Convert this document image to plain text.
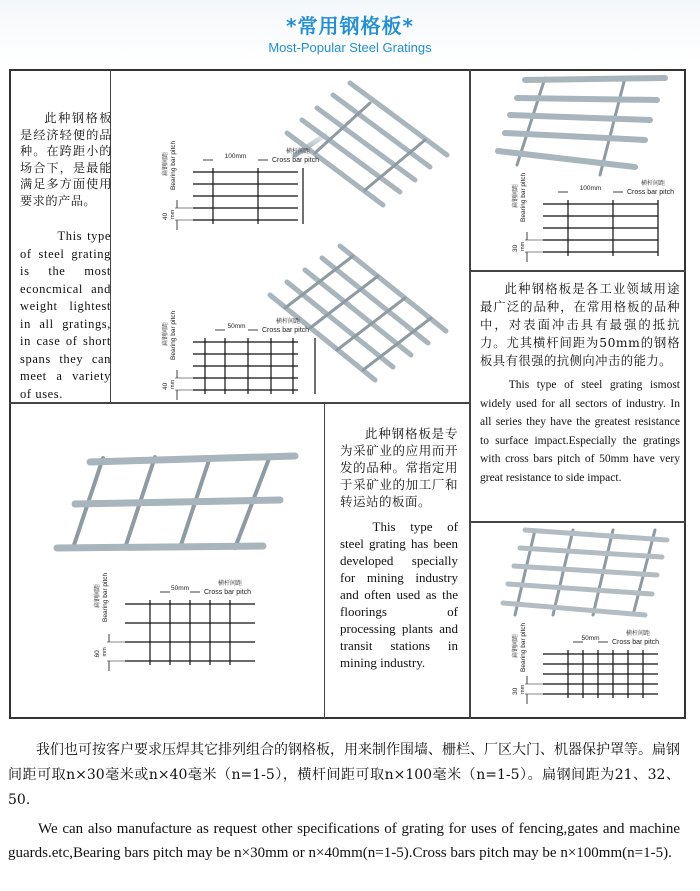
*常用钢格板*
Most-Popular Steel Gratings

此种钢格板是经济轻便的品种。在跨距小的场合下，是最能满足多方面使用要求的产品。

This type of steel grating is the most econcmical and weight lightest in all gratings, in case of short spans they can meet a variety of uses.

此种钢格板是各工业领域用途最广泛的品种，在常用格板的品种中，对表面冲击具有最强的抵抗力。尤其横杆间距为50mm的钢格板具有很强的抗侧向冲击的能力。

This type of steel grating ismost widely used for all sectors of industry. In all series they have the greatest resistance to surface impact.Especially the gratings with cross bars pitch of 50mm have very great resistance to side impact.

此种钢格板是专为采矿业的应用而开发的品种。常指定用于采矿业的加工厂和转运站的板面。

This type of steel grating has been developed specially for mining industry and often used as the floorings of processing plants and transit stations in mining industry.

100mm
Cross bar pitch
横杆间距
扁钢间距 Bearing bar pitch
40 mm
50mm
Cross bar pitch
横杆间距
扁钢间距 Bearing bar pitch
40 mm
100mm
Cross bar pitch
横杆间距
扁钢间距 Bearing bar pitch
30 mm
50mm
Cross bar pitch
横杆间距
扁钢间距 Bearing bar pitch
60 mm
50mm
Cross bar pitch
横杆间距
扁钢间距 Bearing bar pitch
30 mm

我们也可按客户要求压焊其它排列组合的钢格板，用来制作围墙、栅栏、厂区大门、机器保护罩等。扁钢间距可取n×30毫米或n×40毫米（n=1-5），横杆间距可取n×100毫米（n=1-5）。扁钢间距为21、32、50.

We can also manufacture as request other specifications of grating for uses of fencing,gates and machine guards.etc,Bearing bars pitch may be n×30mm or n×40mm(n=1-5).Cross bars pitch may be n×100mm(n=1-5).
